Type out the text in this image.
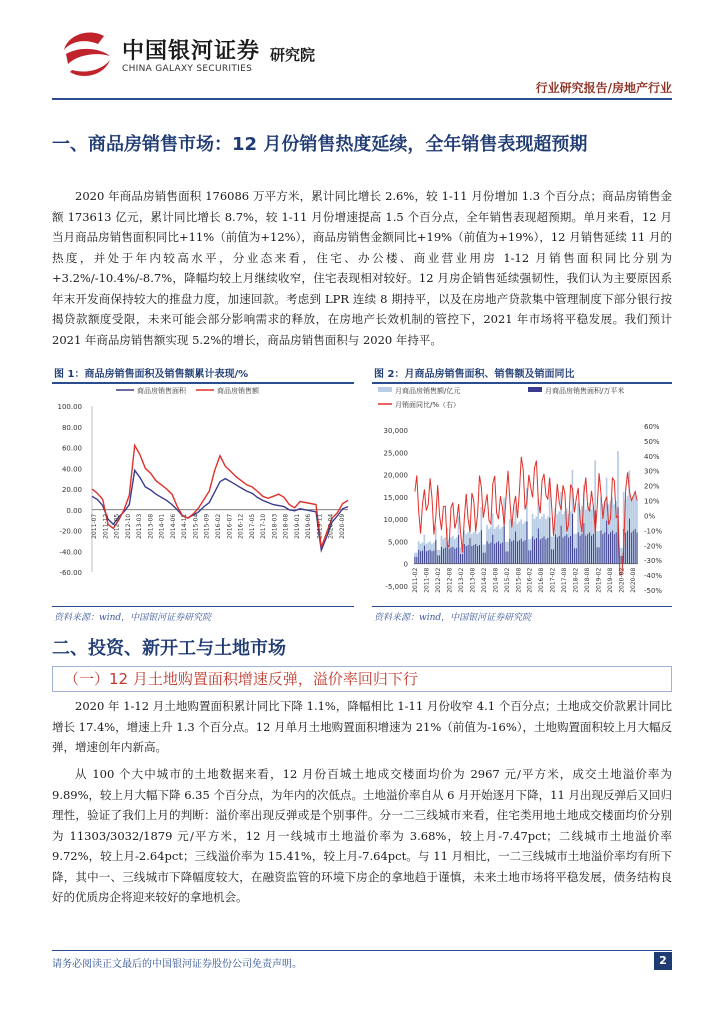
中国银河证券 研究院
CHINA GALAXY SECURITIES
行业研究报告/房地产行业
一、商品房销售市场：12 月份销售热度延续，全年销售表现超预期
2020 年商品房销售面积 176086 万平方米，累计同比增长 2.6%，较 1-11 月份增加 1.3 个百分点；商品房销售金额 173613 亿元，累计同比增长 8.7%，较 1-11 月份增速提高 1.5 个百分点，全年销售表现超预期。单月来看，12 月当月商品房销售面积同比+11%（前值为+12%），商品房销售金额同比+19%（前值为+19%），12 月销售延续 11 月的热度，并处于年内较高水平，分业态来看，住宅、办公楼、商业营业用房 1-12 月销售面积同比分别为+3.2%/-10.4%/-8.7%，降幅均较上月继续收窄，住宅表现相对较好。12 月房企销售延续强韧性，我们认为主要原因系年末开发商保持较大的推盘力度，加速回款。考虑到 LPR 连续 8 期持平，以及在房地产贷款集中管理制度下部分银行按揭贷款额度受限，未来可能会部分影响需求的释放，在房地产长效机制的管控下，2021 年市场将平稳发展。我们预计 2021 年商品房销售额实现 5.2%的增长，商品房销售面积与 2020 年持平。
图 1：商品房销售面积及销售额累计表现/%
商品房销售面积	商品房销售额
100.00
80.00
60.00
40.00
20.00
0.00
-20.00
-40.00
-60.00
2011-07 2011-12 2012-05 2012-10 2013-03 2013-08 2014-01 2014-06 2014-11 2015-04 2015-09 2016-02 2016-07 2016-12 2017-05 2017-10 2018-03 2018-08 2019-01 2019-06 2019-11 2020-04 2020-09
资料来源：wind，中国银河证券研究院
图 2：月商品房销售面积、销售额及销面同比
月商品房销售额/亿元	月商品房销售面积/万平米
月销面同比/%（右）
30,000
25,000
20,000
15,000
10,000
5,000
0
-5,000
60%
50%
40%
30%
20%
10%
0%
-10%
-20%
-30%
-40%
-50%
2011-02 2011-08 2012-02 2012-08 2013-02 2013-08 2014-02 2014-08 2015-02 2015-08 2016-02 2016-08 2017-02 2017-08 2018-02 2018-08 2019-02 2019-08 2020-02 2020-08
资料来源：wind，中国银河证券研究院
二、投资、新开工与土地市场
（一）12 月土地购置面积增速反弹，溢价率回归下行
2020 年 1-12 月土地购置面积累计同比下降 1.1%，降幅相比 1-11 月份收窄 4.1 个百分点；土地成交价款累计同比增长 17.4%，增速上升 1.3 个百分点。12 月单月土地购置面积增速为 21%（前值为-16%），土地购置面积较上月大幅反弹，增速创年内新高。
从 100 个大中城市的土地数据来看，12 月份百城土地成交楼面均价为 2967 元/平方米，成交土地溢价率为 9.89%，较上月大幅下降 6.35 个百分点，为年内的次低点。土地溢价率自从 6 月开始逐月下降，11 月出现反弹后又回归理性，验证了我们上月的判断：溢价率出现反弹或是个别事件。分一二三线城市来看，住宅类用地土地成交楼面均价分别为 11303/3032/1879 元/平方米，12 月一线城市土地溢价率为 3.68%，较上月-7.47pct；二线城市土地溢价率 9.72%，较上月-2.64pct；三线溢价率为 15.41%，较上月-7.64pct。与 11 月相比，一二三线城市土地溢价率均有所下降，其中一、三线城市下降幅度较大，在融资监管的环境下房企的拿地趋于谨慎，未来土地市场将平稳发展，债务结构良好的优质房企将迎来较好的拿地机会。
请务必阅读正文最后的中国银河证券股份公司免责声明。	2
